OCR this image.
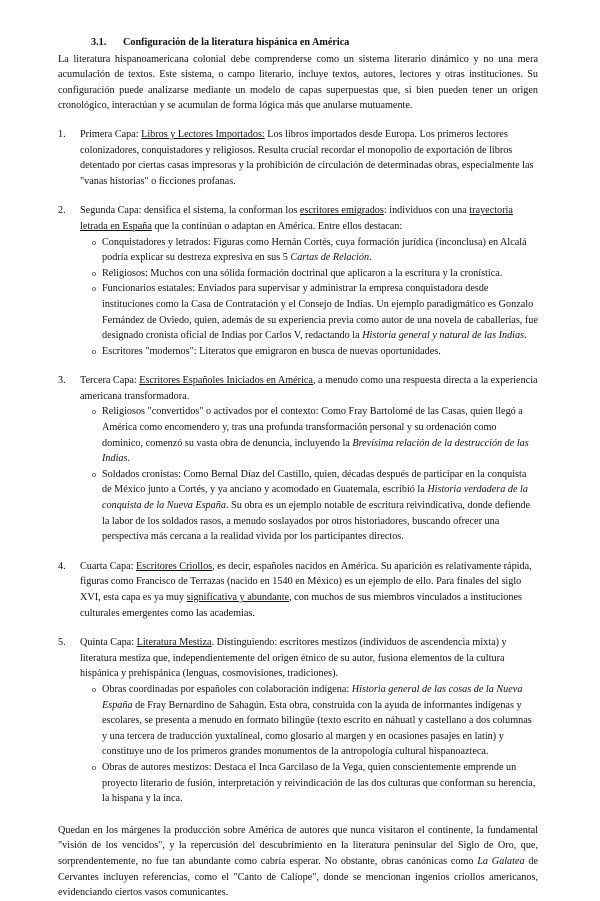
3.1. Configuración de la literatura hispánica en América

La literatura hispanoamericana colonial debe comprenderse como un sistema literario dinámico y no una mera acumulación de textos. Este sistema, o campo literario, incluye textos, autores, lectores y otras instituciones. Su configuración puede analizarse mediante un modelo de capas superpuestas que, si bien pueden tener un origen cronológico, interactúan y se acumulan de forma lógica más que anularse mutuamente.

1.	Primera Capa: Libros y Lectores Importados: Los libros importados desde Europa. Los primeros lectores colonizadores, conquistadores y religiosos. Resulta crucial recordar el monopolio de exportación de libros detentado por ciertas casas impresoras y la prohibición de circulación de determinadas obras, especialmente las "vanas historias" o ficciones profanas.
2.	Segunda Capa: densifica el sistema, la conforman los escritores emigrados: individuos con una trayectoria letrada en España que la continúan o adaptan en América. Entre ellos destacan:
o Conquistadores y letrados: Figuras como Hernán Cortés, cuya formación jurídica (inconclusa) en Alcalá podría explicar su destreza expresiva en sus 5 Cartas de Relación.
o Religiosos: Muchos con una sólida formación doctrinal que aplicaron a la escritura y la cronística.
o Funcionarios estatales: Enviados para supervisar y administrar la empresa conquistadora desde instituciones como la Casa de Contratación y el Consejo de Indias. Un ejemplo paradigmático es Gonzalo Fernández de Oviedo, quien, además de su experiencia previa como autor de una novela de caballerías, fue designado cronista oficial de Indias por Carlos V, redactando la Historia general y natural de las Indias.
o Escritores "modernos": Literatos que emigraron en busca de nuevas oportunidades.
3.	Tercera Capa: Escritores Españoles Iniciados en América, a menudo como una respuesta directa a la experiencia americana transformadora.
o Religiosos "convertidos" o activados por el contexto: Como Fray Bartolomé de las Casas, quien llegó a América como encomendero y, tras una profunda transformación personal y su ordenación como dominico, comenzó su vasta obra de denuncia, incluyendo la Brevísima relación de la destrucción de las Indias.
o Soldados cronistas: Como Bernal Díaz del Castillo, quien, décadas después de participar en la conquista de México junto a Cortés, y ya anciano y acomodado en Guatemala, escribió la Historia verdadera de la conquista de la Nueva España. Su obra es un ejemplo notable de escritura reivindicativa, donde defiende la labor de los soldados rasos, a menudo soslayados por otros historiadores, buscando ofrecer una perspectiva más cercana a la realidad vivida por los participantes directos.
4.	Cuarta Capa: Escritores Criollos, es decir, españoles nacidos en América. Su aparición es relativamente rápida, figuras como Francisco de Terrazas (nacido en 1540 en México) es un ejemplo de ello. Para finales del siglo XVI, esta capa es ya muy significativa y abundante, con muchos de sus miembros vinculados a instituciones culturales emergentes como las academias.
5.	Quinta Capa: Literatura Mestiza. Distinguiendo: escritores mestizos (individuos de ascendencia mixta) y literatura mestiza que, independientemente del origen étnico de su autor, fusiona elementos de la cultura hispánica y prehispánica (lenguas, cosmovisiones, tradiciones).
o Obras coordinadas por españoles con colaboración indígena: Historia general de las cosas de la Nueva España de Fray Bernardino de Sahagún. Esta obra, construida con la ayuda de informantes indígenas y escolares, se presenta a menudo en formato bilingüe (texto escrito en náhuatl y castellano a dos columnas y una tercera de traducción yuxtalineal, como glosario al margen y en ocasiones pasajes en latín) y constituye uno de los primeros grandes monumentos de la antropología cultural hispanoazteca.
o Obras de autores mestizos: Destaca el Inca Garcilaso de la Vega, quien conscientemente emprende un proyecto literario de fusión, interpretación y reivindicación de las dos culturas que conforman su herencia, la hispana y la inca.

Quedan en los márgenes la producción sobre América de autores que nunca visitaron el continente, la fundamental "visión de los vencidos", y la repercusión del descubrimiento en la literatura peninsular del Siglo de Oro, que, sorprendentemente, no fue tan abundante como cabría esperar. No obstante, obras canónicas como La Galatea de Cervantes incluyen referencias, como el "Canto de Calíope", donde se mencionan ingenios criollos americanos, evidenciando ciertos vasos comunicantes.
